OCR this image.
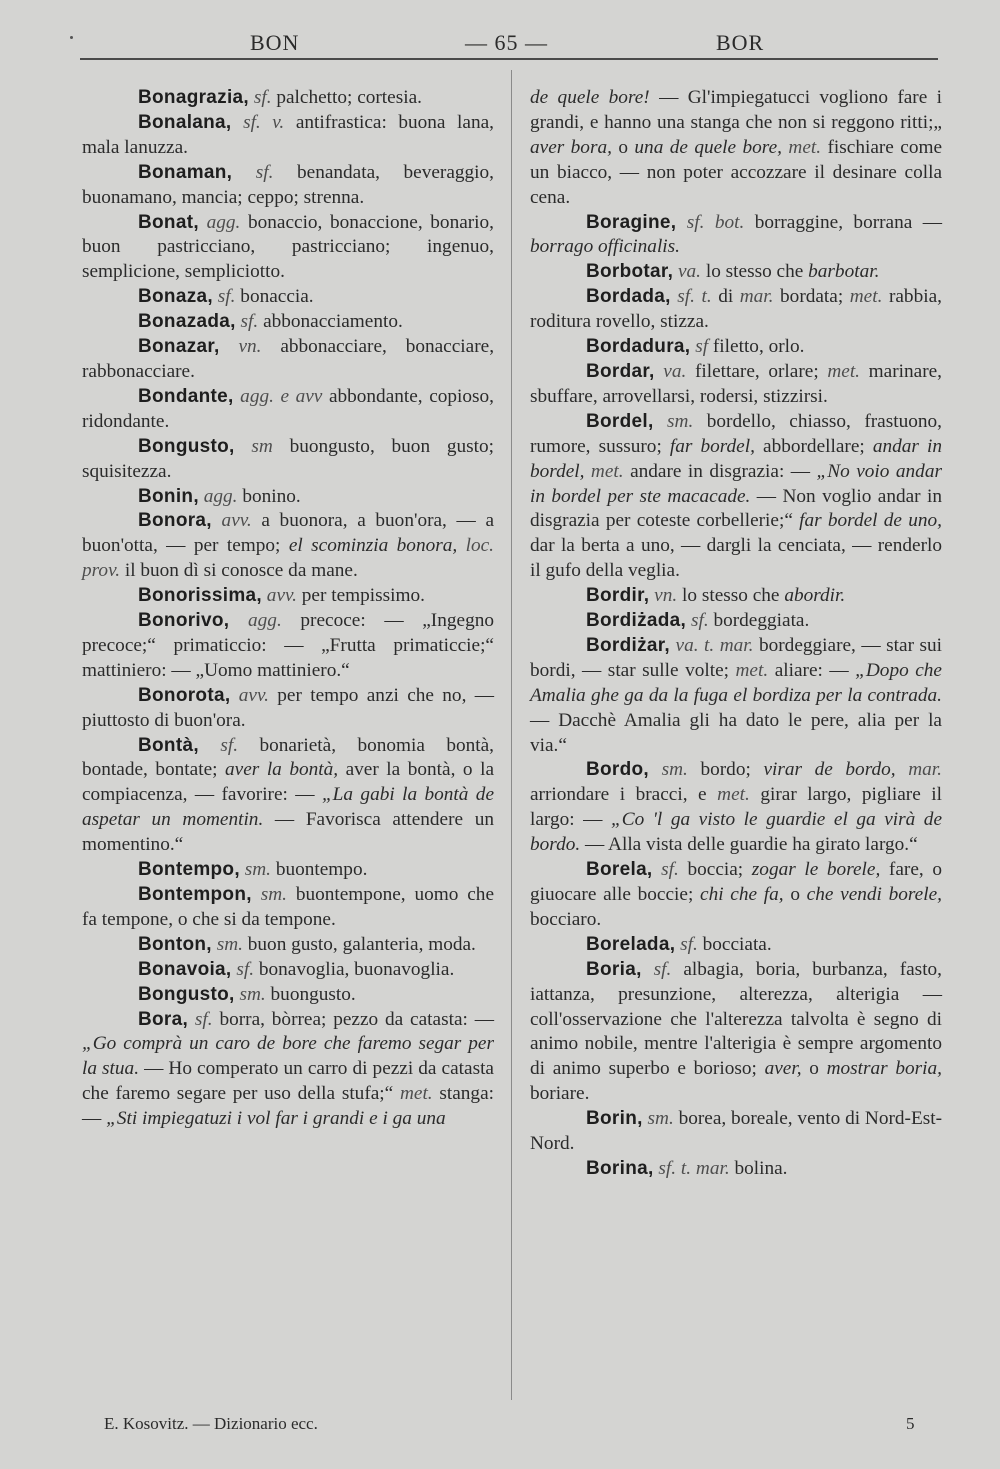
BON	— 65 —	BOR

Bonagrazia, sf. palchetto; cortesia.

Bonalana, sf. v. antifrastica: buona lana, mala lanuzza.

Bonaman, sf. benandata, beveraggio, buonamano, mancia; ceppo; strenna.

Bonat, agg. bonaccio, bonaccione, bonario, buon pastricciano, pastricciano; ingenuo, semplicione, sempliciotto.

Bonaza, sf. bonaccia.

Bonazada, sf. abbonacciamento.

Bonazar, vn. abbonacciare, bonacciare, rabbonacciare.

Bondante, agg. e avv abbondante, copioso, ridondante.

Bongusto, sm buongusto, buon gusto; squisitezza.

Bonin, agg. bonino.

Bonora, avv. a buonora, a buon'ora, — a buon'otta, — per tempo; el scominzia bonora, loc. prov. il buon dì si conosce da mane.

Bonorissima, avv. per tempissimo.

Bonorivo, agg. precoce: — „Ingegno precoce;“ primaticcio: — „Frutta primaticcie;“ mattiniero: — „Uomo mattiniero.“

Bonorota, avv. per tempo anzi che no, — piuttosto di buon'ora.

Bontà, sf. bonarietà, bonomia bontà, bontade, bontate; aver la bontà, aver la bontà, o la compiacenza, — favorire: — „La gabi la bontà de aspetar un momentin. — Favorisca attendere un momentino.“

Bontempo, sm. buontempo.

Bontempon, sm. buontempone, uomo che fa tempone, o che si da tempone.

Bonton, sm. buon gusto, galanteria, moda.

Bonavoia, sf. bonavoglia, buonavoglia.

Bongusto, sm. buongusto.

Bora, sf. borra, bòrrea; pezzo da catasta: — „Go comprà un caro de bore che faremo segar per la stua. — Ho comperato un carro di pezzi da catasta che faremo segare per uso della stufa;“ met. stanga: — „Sti impiegatuzi i vol far i grandi e i ga una

de quele bore! — Gl'impiegatucci vogliono fare i grandi, e hanno una stanga che non si reggono ritti;„ aver bora, o una de quele bore, met. fischiare come un biacco, — non poter accozzare il desinare colla cena.

Boragine, sf. bot. borraggine, borrana — borrago officinalis.

Borbotar, va. lo stesso che barbotar.

Bordada, sf. t. di mar. bordata; met. rabbia, roditura rovello, stizza.

Bordadura, sf filetto, orlo.

Bordar, va. filettare, orlare; met. marinare, sbuffare, arrovellarsi, rodersi, stizzirsi.

Bordel, sm. bordello, chiasso, frastuono, rumore, sussuro; far bordel, abbordellare; andar in bordel, met. andare in disgrazia: — „No voio andar in bordel per ste macacade. — Non voglio andar in disgrazia per coteste corbellerie;“ far bordel de uno, dar la berta a uno, — dargli la cenciata, — renderlo il gufo della veglia.

Bordir, vn. lo stesso che abordir.

Bordiżada, sf. bordeggiata.

Bordiżar, va. t. mar. bordeggiare, — star sui bordi, — star sulle volte; met. aliare: — „Dopo che Amalia ghe ga da la fuga el bordiza per la contrada. — Dacchè Amalia gli ha dato le pere, alia per la via.“

Bordo, sm. bordo; virar de bordo, mar. arriondare i bracci, e met. girar largo, pigliare il largo: — „Co 'l ga visto le guardie el ga virà de bordo. — Alla vista delle guardie ha girato largo.“

Borela, sf. boccia; zogar le borele, fare, o giuocare alle boccie; chi che fa, o che vendi borele, bocciaro.

Borelada, sf. bocciata.

Boria, sf. albagia, boria, burbanza, fasto, iattanza, presunzione, alterezza, alterigia — coll'osservazione che l'alterezza talvolta è segno di animo nobile, mentre l'alterigia è sempre argomento di animo superbo e borioso; aver, o mostrar boria, boriare.

Borin, sm. borea, boreale, vento di Nord-Est-Nord.

Borina, sf. t. mar. bolina.

E. Kosovitz. — Dizionario ecc.	5
